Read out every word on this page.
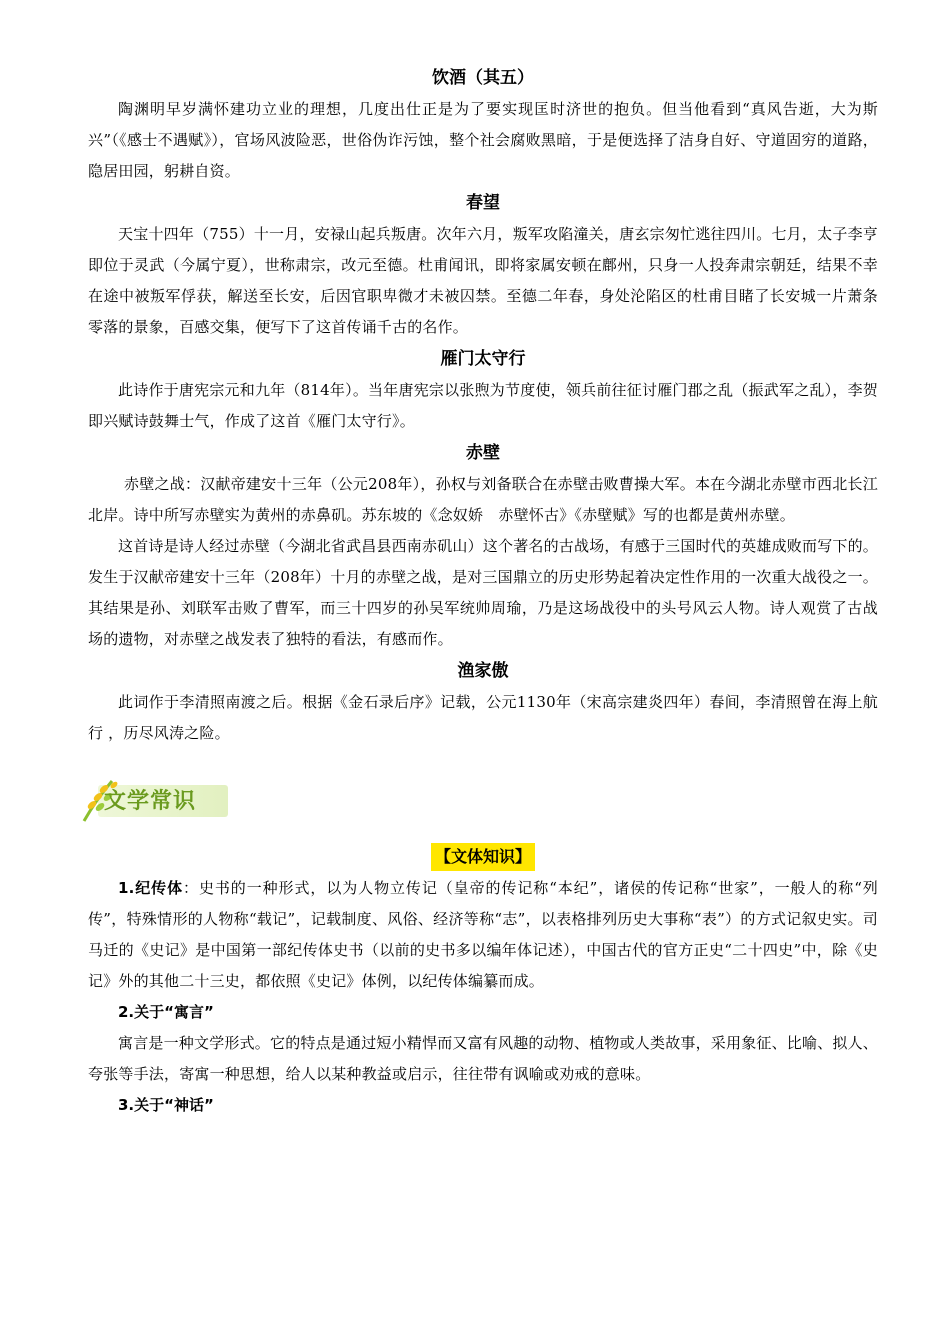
饮酒（其五）
陶渊明早岁满怀建功立业的理想，几度出仕正是为了要实现匡时济世的抱负。但当他看到“真风告逝，大为斯兴”（《感士不遇赋》），官场风波险恶，世俗伪诈污蚀，整个社会腐败黑暗，于是便选择了洁身自好、守道固穷的道路，隐居田园，躬耕自资。
春望
天宝十四年（755）十一月，安禄山起兵叛唐。次年六月，叛军攻陷潼关，唐玄宗匆忙逃往四川。七月，太子李亨即位于灵武（今属宁夏），世称肃宗，改元至德。杜甫闻讯，即将家属安顿在鄜州，只身一人投奔肃宗朝廷，结果不幸在途中被叛军俘获，解送至长安，后因官职卑微才未被囚禁。至德二年春，身处沦陷区的杜甫目睹了长安城一片萧条零落的景象，百感交集，便写下了这首传诵千古的名作。
雁门太守行
此诗作于唐宪宗元和九年（814年）。当年唐宪宗以张煦为节度使，领兵前往征讨雁门郡之乱（振武军之乱），李贺即兴赋诗鼓舞士气，作成了这首《雁门太守行》。
赤壁
赤壁之战：汉献帝建安十三年（公元208年），孙权与刘备联合在赤壁击败曹操大军。本在今湖北赤壁市西北长江北岸。诗中所写赤壁实为黄州的赤鼻矶。苏东坡的《念奴娇　赤壁怀古》《赤壁赋》写的也都是黄州赤壁。
这首诗是诗人经过赤壁（今湖北省武昌县西南赤矶山）这个著名的古战场，有感于三国时代的英雄成败而写下的。发生于汉献帝建安十三年（208年）十月的赤壁之战，是对三国鼎立的历史形势起着决定性作用的一次重大战役之一。其结果是孙、刘联军击败了曹军，而三十四岁的孙吴军统帅周瑜，乃是这场战役中的头号风云人物。诗人观赏了古战场的遗物，对赤壁之战发表了独特的看法，有感而作。
渔家傲
此词作于李清照南渡之后。根据《金石录后序》记载，公元1130年（宋高宗建炎四年）春间，李清照曾在海上航行 ，历尽风涛之险。
文学常识
【文体知识】
1.纪传体：史书的一种形式，以为人物立传记（皇帝的传记称“本纪”，诸侯的传记称“世家”，一般人的称“列传”，特殊情形的人物称“载记”，记载制度、风俗、经济等称“志”，以表格排列历史大事称“表”）的方式记叙史实。司马迁的《史记》是中国第一部纪传体史书（以前的史书多以编年体记述），中国古代的官方正史“二十四史”中，除《史记》外的其他二十三史，都依照《史记》体例，以纪传体编纂而成。
2.关于“寓言”
寓言是一种文学形式。它的特点是通过短小精悍而又富有风趣的动物、植物或人类故事，采用象征、比喻、拟人、夸张等手法，寄寓一种思想，给人以某种教益或启示，往往带有讽喻或劝戒的意味。
3.关于“神话”
